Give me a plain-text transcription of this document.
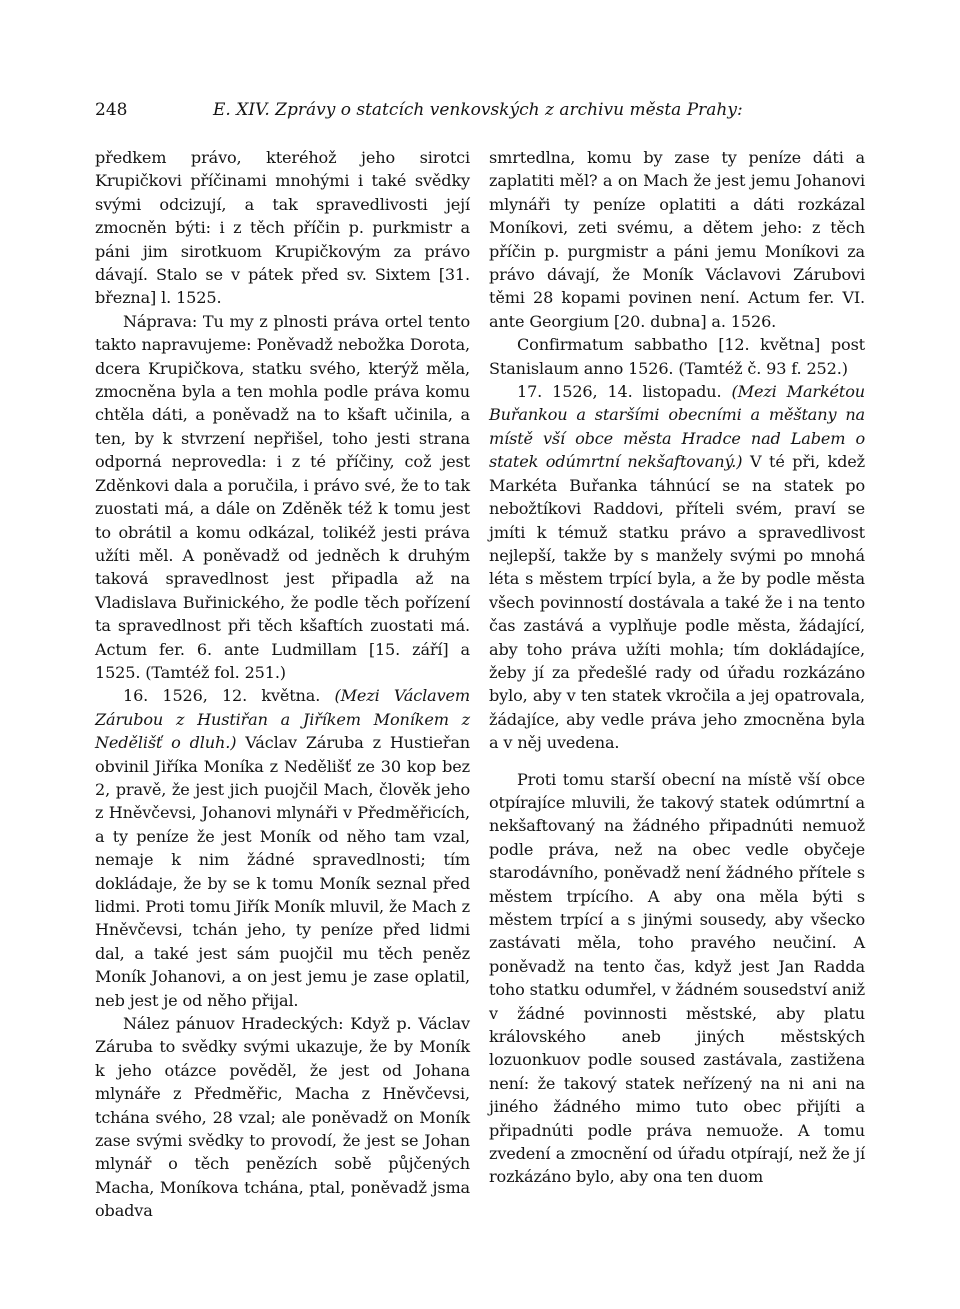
248	E. XIV. Zprávy o statcích venkovských z archivu města Prahy:

předkem právo, kteréhož jeho sirotci Krupičkovi příčinami mnohými i také svědky svými odcizují, a tak spravedlivosti její zmocněn býti: i z těch příčin p. purkmistr a páni jim sirotkuom Krupičkovým za právo dávají. Stalo se v pátek před sv. Sixtem [31. března] l. 1525.

Náprava: Tu my z plnosti práva ortel tento takto napravujeme: Poněvadž nebožka Dorota, dcera Krupičkova, statku svého, kterýž měla, zmocněna byla a ten mohla podle práva komu chtěla dáti, a poněvadž na to kšaft učinila, a ten, by k stvrzení nepřišel, toho jesti strana odporná neprovedla: i z té příčiny, což jest Zděnkovi dala a poručila, i právo své, že to tak zuostati má, a dále on Zděněk též k tomu jest to obrátil a komu odkázal, tolikéž jesti práva užíti měl. A poněvadž od jedněch k druhým taková spravedlnost jest připadla až na Vladislava Buřinického, že podle těch pořízení ta spravedlnost při těch kšaftích zuostati má. Actum fer. 6. ante Ludmillam [15. září] a 1525. (Tamtéž fol. 251.)

16. 1526, 12. května. (Mezi Václavem Zárubou z Hustiřan a Jiříkem Moníkem z Nedělišť o dluh.) Václav Záruba z Hustieřan obvinil Jiříka Moníka z Nedělišť ze 30 kop bez 2, pravě, že jest jich puojčil Mach, člověk jeho z Hněvčevsi, Johanovi mlynáři v Předměřicích, a ty peníze že jest Moník od něho tam vzal, nemaje k nim žádné spravedlnosti; tím dokládaje, že by se k tomu Moník seznal před lidmi. Proti tomu Jiřík Moník mluvil, že Mach z Hněvčevsi, tchán jeho, ty peníze před lidmi dal, a také jest sám puojčil mu těch peněz Moník Johanovi, a on jest jemu je zase oplatil, neb jest je od něho přijal.

Nález pánuov Hradeckých: Když p. Václav Záruba to svědky svými ukazuje, že by Moník k jeho otázce pověděl, že jest od Johana mlynáře z Předměřic, Macha z Hněvčevsi, tchána svého, 28 vzal; ale poněvadž on Moník zase svými svědky to provodí, že jest se Johan mlynář o těch penězích sobě půjčených Macha, Moníkova tchána, ptal, poněvadž jsma obadva

smrtedlna, komu by zase ty peníze dáti a zaplatiti měl? a on Mach že jest jemu Johanovi mlynáři ty peníze oplatiti a dáti rozkázal Moníkovi, zeti svému, a dětem jeho: z těch příčin p. purgmistr a páni jemu Moníkovi za právo dávají, že Moník Václavovi Zárubovi těmi 28 kopami povinen není. Actum fer. VI. ante Georgium [20. dubna] a. 1526.

Confirmatum sabbatho [12. května] post Stanislaum anno 1526. (Tamtéž č. 93 f. 252.)

17. 1526, 14. listopadu. (Mezi Markétou Buřankou a staršími obecními a měštany na místě vší obce města Hradce nad Labem o statek odúmrtní nekšaftovaný.) V té při, kdež Markéta Buřanka táhnúcí se na statek po nebožtíkovi Raddovi, příteli svém, praví se jmíti k témuž statku právo a spravedlivost nejlepší, takže by s manžely svými po mnohá léta s městem trpící byla, a že by podle města všech povinností dostávala a také že i na tento čas zastává a vyplňuje podle města, žádající, aby toho práva užíti mohla; tím dokládajíce, žeby jí za předešlé rady od úřadu rozkázáno bylo, aby v ten statek vkročila a jej opatrovala, žádajíce, aby vedle práva jeho zmocněna byla a v něj uvedena.

Proti tomu starší obecní na místě vší obce otpírajíce mluvili, že takový statek odúmrtní a nekšaftovaný na žádného připadnúti nemuož podle práva, než na obec vedle obyčeje starodávního, poněvadž není žádného přítele s městem trpícího. A aby ona měla býti s městem trpící a s jinými sousedy, aby všecko zastávati měla, toho pravého neučiní. A poněvadž na tento čas, když jest Jan Radda toho statku odumřel, v žádném sousedství aniž v žádné povinnosti městské, aby platu královského aneb jiných městských lozuonkuov podle soused zastávala, zastižena není: že takový statek neřízený na ni ani na jiného žádného mimo tuto obec přijíti a připadnúti podle práva nemuože. A tomu zvedení a zmocnění od úřadu otpírají, než že jí rozkázáno bylo, aby ona ten duom
